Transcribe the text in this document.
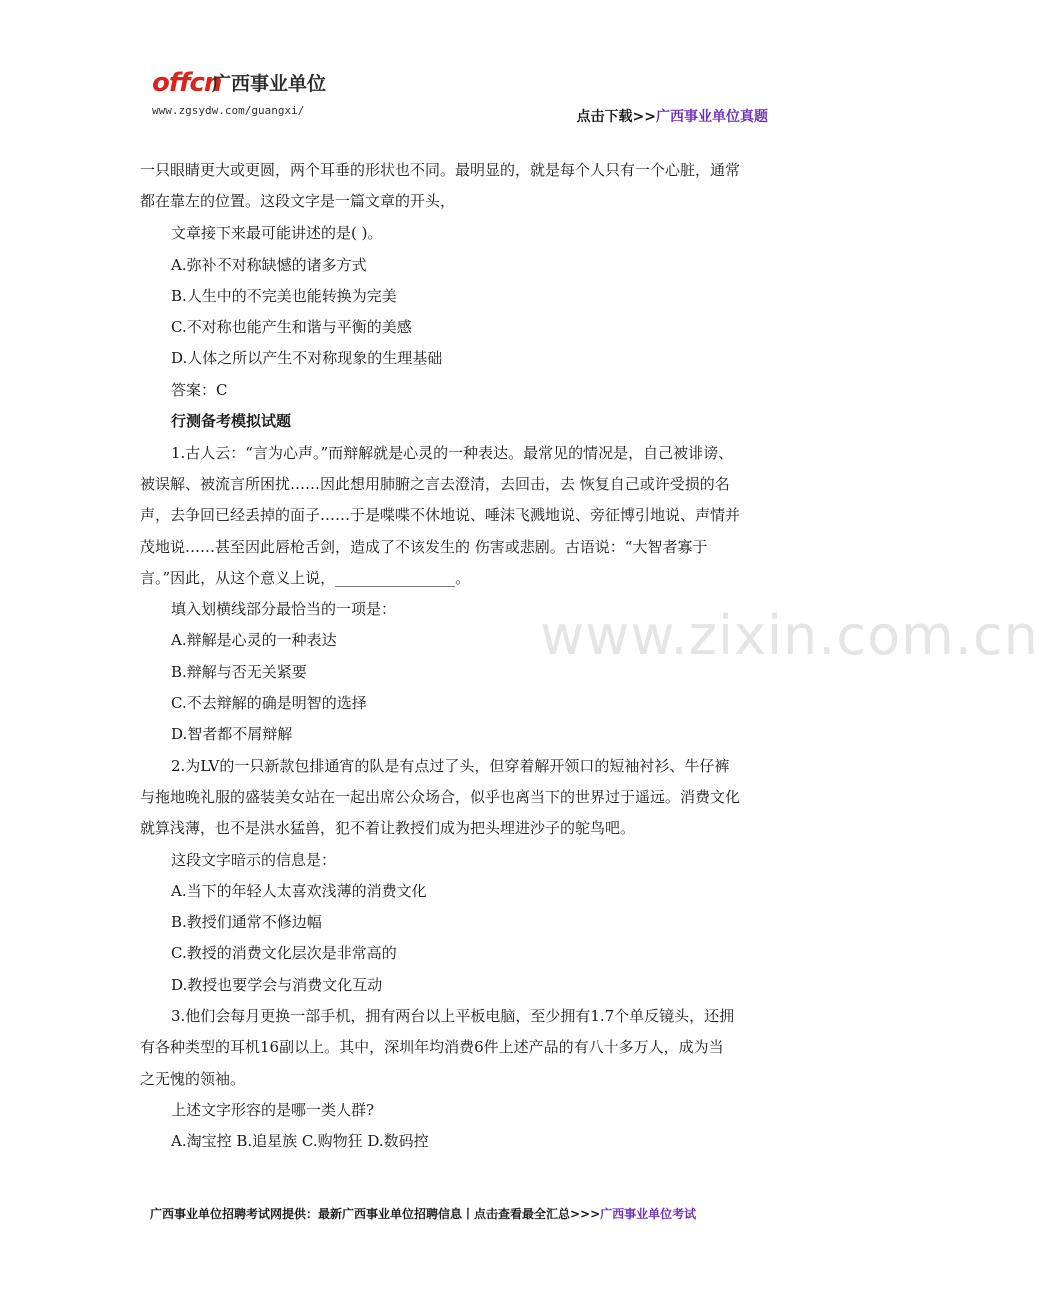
offcn
广西事业单位
www.zgsydw.com/guangxi/	点击下载>>广西事业单位真题
www.zixin.com.cn
一只眼睛更大或更圆，两个耳垂的形状也不同。最明显的，就是每个人只有一个心脏，通常
都在靠左的位置。这段文字是一篇文章的开头，
文章接下来最可能讲述的是( )。
A.弥补不对称缺憾的诸多方式
B.人生中的不完美也能转换为完美
C.不对称也能产生和谐与平衡的美感
D.人体之所以产生不对称现象的生理基础
答案：C
行测备考模拟试题
1.古人云：“言为心声。”而辩解就是心灵的一种表达。最常见的情况是，自己被诽谤、
被误解、被流言所困扰……因此想用肺腑之言去澄清，去回击，去 恢复自己或许受损的名
声，去争回已经丢掉的面子……于是喋喋不休地说、唾沫飞溅地说、旁征博引地说、声情并
茂地说……甚至因此唇枪舌剑，造成了不该发生的 伤害或悲剧。古语说：“大智者寡于
言。”因此，从这个意义上说，________________。
填入划横线部分最恰当的一项是：
A.辩解是心灵的一种表达
B.辩解与否无关紧要
C.不去辩解的确是明智的选择
D.智者都不屑辩解
2.为LV的一只新款包排通宵的队是有点过了头，但穿着解开领口的短袖衬衫、牛仔裤
与拖地晚礼服的盛装美女站在一起出席公众场合，似乎也离当下的世界过于遥远。消费文化
就算浅薄，也不是洪水猛兽，犯不着让教授们成为把头埋进沙子的鸵鸟吧。
这段文字暗示的信息是：
A.当下的年轻人太喜欢浅薄的消费文化
B.教授们通常不修边幅
C.教授的消费文化层次是非常高的
D.教授也要学会与消费文化互动
3.他们会每月更换一部手机，拥有两台以上平板电脑，至少拥有1.7个单反镜头，还拥
有各种类型的耳机16副以上。其中，深圳年均消费6件上述产品的有八十多万人，成为当
之无愧的领袖。
上述文字形容的是哪一类人群?
A.淘宝控 B.追星族 C.购物狂 D.数码控
广西事业单位招聘考试网提供：最新广西事业单位招聘信息丨点击查看最全汇总>>>广西事业单位考试
